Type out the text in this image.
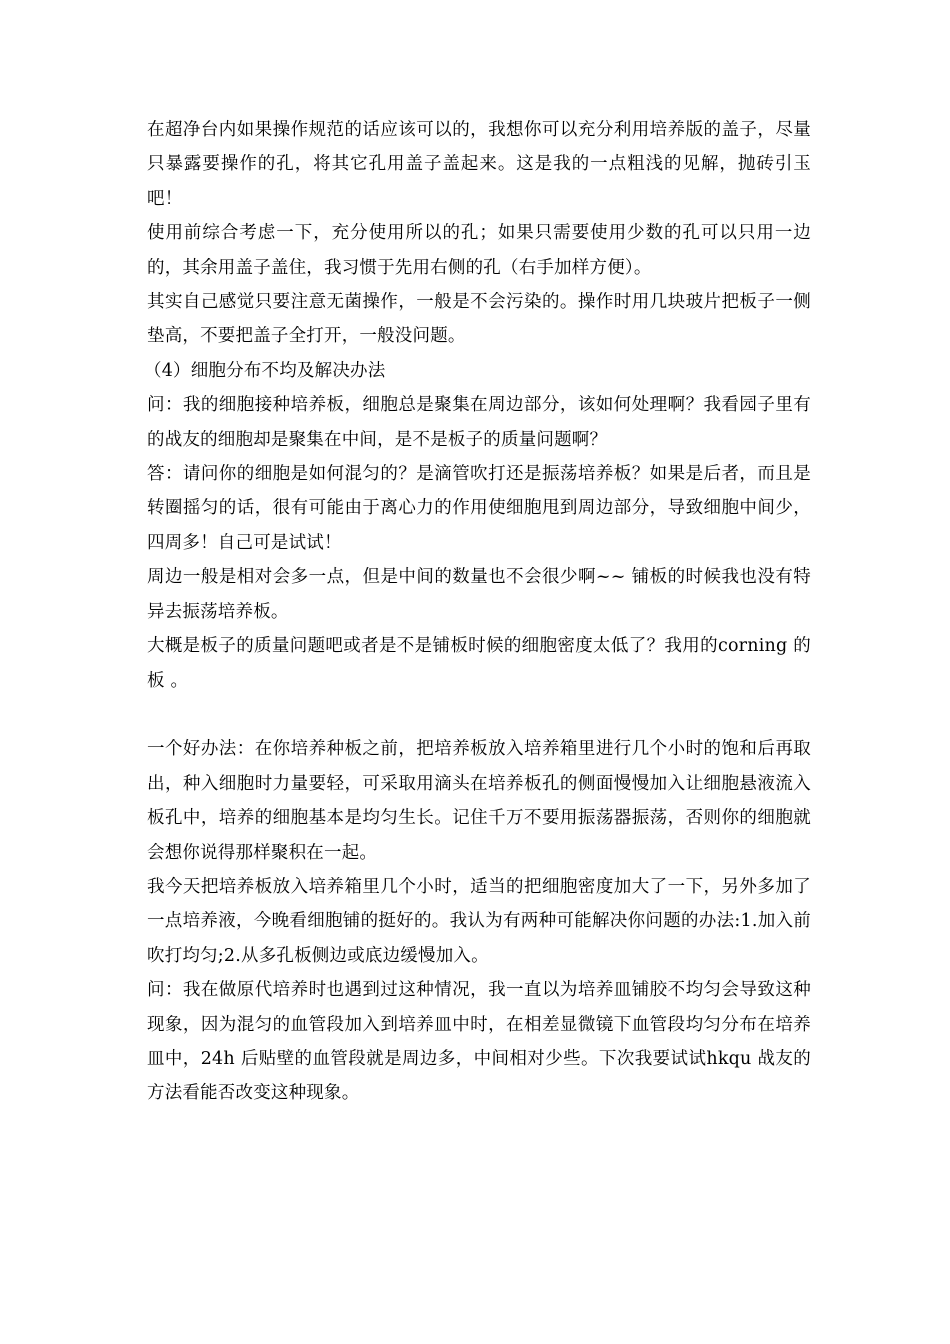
在超净台内如果操作规范的话应该可以的，我想你可以充分利用培养版的盖子，尽量只暴露要操作的孔，将其它孔用盖子盖起来。这是我的一点粗浅的见解，抛砖引玉吧！

使用前综合考虑一下，充分使用所以的孔；如果只需要使用少数的孔可以只用一边的，其余用盖子盖住，我习惯于先用右侧的孔（右手加样方便）。

其实自己感觉只要注意无菌操作，一般是不会污染的。操作时用几块玻片把板子一侧垫高，不要把盖子全打开，一般没问题。

（4）细胞分布不均及解决办法

问：我的细胞接种培养板，细胞总是聚集在周边部分，该如何处理啊？我看园子里有的战友的细胞却是聚集在中间，是不是板子的质量问题啊？

答：请问你的细胞是如何混匀的？是滴管吹打还是振荡培养板？如果是后者，而且是转圈摇匀的话，很有可能由于离心力的作用使细胞甩到周边部分，导致细胞中间少，四周多！自己可是试试！

周边一般是相对会多一点，但是中间的数量也不会很少啊~~ 铺板的时候我也没有特异去振荡培养板。

大概是板子的质量问题吧或者是不是铺板时候的细胞密度太低了？我用的corning 的板 。

一个好办法：在你培养种板之前，把培养板放入培养箱里进行几个小时的饱和后再取出，种入细胞时力量要轻，可采取用滴头在培养板孔的侧面慢慢加入让细胞悬液流入板孔中，培养的细胞基本是均匀生长。记住千万不要用振荡器振荡，否则你的细胞就会想你说得那样聚积在一起。

我今天把培养板放入培养箱里几个小时，适当的把细胞密度加大了一下，另外多加了一点培养液，今晚看细胞铺的挺好的。我认为有两种可能解决你问题的办法:1.加入前吹打均匀;2.从多孔板侧边或底边缓慢加入。

问：我在做原代培养时也遇到过这种情况，我一直以为培养皿铺胶不均匀会导致这种现象，因为混匀的血管段加入到培养皿中时，在相差显微镜下血管段均匀分布在培养皿中，24h 后贴壁的血管段就是周边多，中间相对少些。下次我要试试hkqu 战友的方法看能否改变这种现象。
